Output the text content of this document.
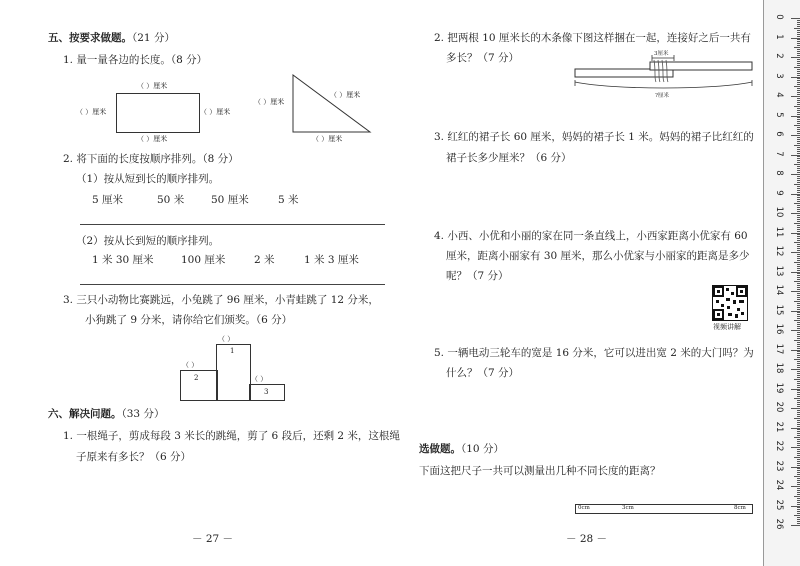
五、按要求做题。（21 分）
1. 量一量各边的长度。（8 分）
（ ）厘米
（ ）厘米	（ ）厘米
（ ）厘米
（ ）厘米
（ ）厘米
（ ）厘米
2. 将下面的长度按顺序排列。（8 分）
（1）按从短到长的顺序排列。
5 厘米	50 米	50 厘米	5 米
（2）按从长到短的顺序排列。
1 米 30 厘米	100 厘米	2 米	1 米 3 厘米
3. 三只小动物比赛跳远，小兔跳了 96 厘米，小青蛙跳了 12 分米，
小狗跳了 9 分米，请你给它们颁奖。（6 分）
1
2
3
（ ）
（ ）
（ ）
六、解决问题。（33 分）
1. 一根绳子，剪成每段 3 米长的跳绳，剪了 6 段后，还剩 2 米，这根绳
子原来有多长？（6 分）
－ 27 －
2. 把两根 10 厘米长的木条像下图这样捆在一起，连接好之后一共有
多长？（7 分）	3厘米
?厘米
3. 红红的裙子长 60 厘米，妈妈的裙子长 1 米。妈妈的裙子比红红的
裙子长多少厘米？（6 分）
4. 小西、小优和小丽的家在同一条直线上，小西家距离小优家有 60
厘米，距离小丽家有 30 厘米，那么小优家与小丽家的距离是多少
呢？（7 分）
视频讲解
5. 一辆电动三轮车的宽是 16 分米，它可以进出宽 2 米的大门吗？为
什么？（7 分）
选做题。（10 分）
下面这把尺子一共可以测量出几种不同长度的距离？
0cm	3cm	8cm
－ 28 －
0
1
2
3
4
5
6
7
8
9
10
11
12
13
14
15
16
17
18
19
20
21
22
23
24
25
26
